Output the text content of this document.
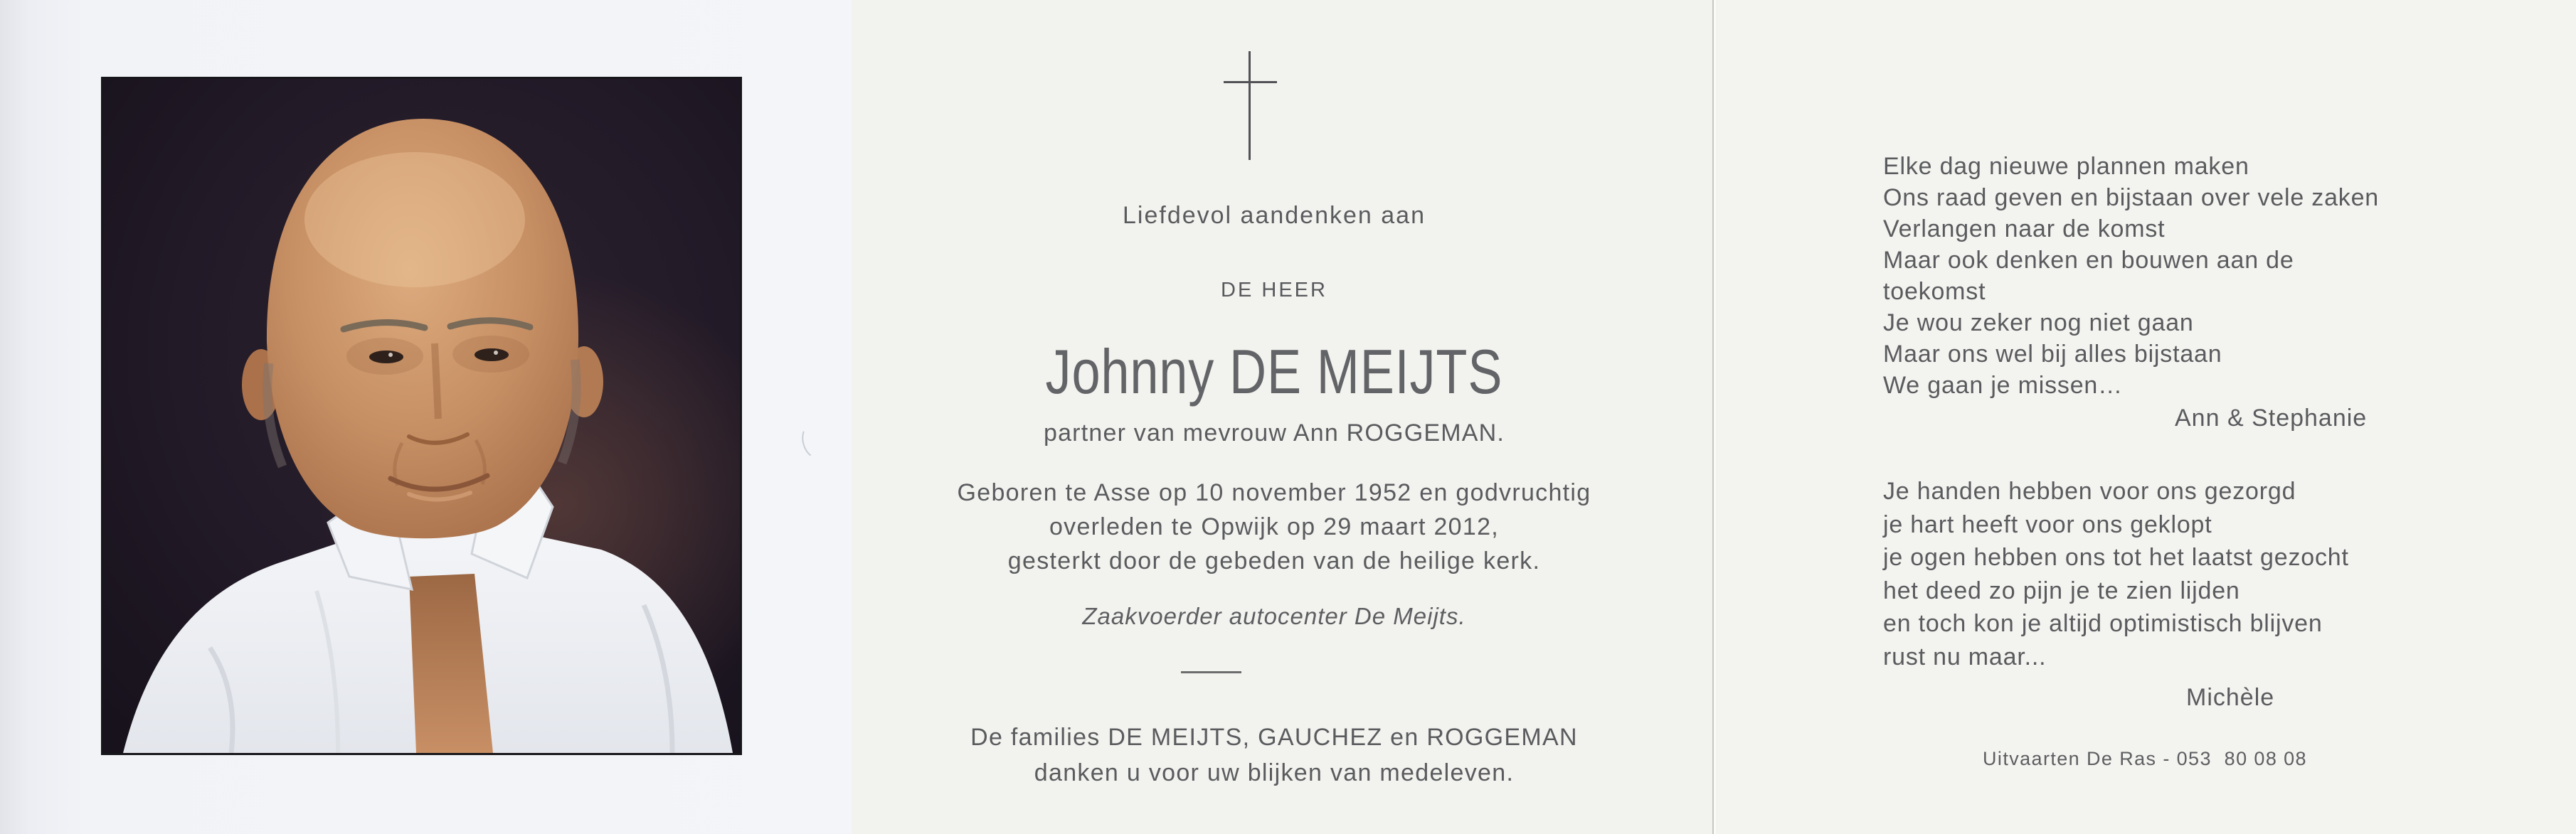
Liefdevol aandenken aan

DE HEER

Johnny DE MEIJTS

partner van mevrouw Ann ROGGEMAN.

Geboren te Asse op 10 november 1952 en godvruchtig

overleden te Opwijk op 29 maart 2012,

gesterkt door de gebeden van de heilige kerk.

Zaakvoerder autocenter De Meijts.

De families DE MEIJTS, GAUCHEZ en ROGGEMAN

danken u voor uw blijken van medeleven.

Elke dag nieuwe plannen maken

Ons raad geven en bijstaan over vele zaken

Verlangen naar de komst

Maar ook denken en bouwen aan de

toekomst

Je wou zeker nog niet gaan

Maar ons wel bij alles bijstaan

We gaan je missen…

Ann & Stephanie

Je handen hebben voor ons gezorgd

je hart heeft voor ons geklopt

je ogen hebben ons tot het laatst gezocht

het deed zo pijn je te zien lijden

en toch kon je altijd optimistisch blijven

rust nu maar...

Michèle

Uitvaarten De Ras - 053  80 08 08
